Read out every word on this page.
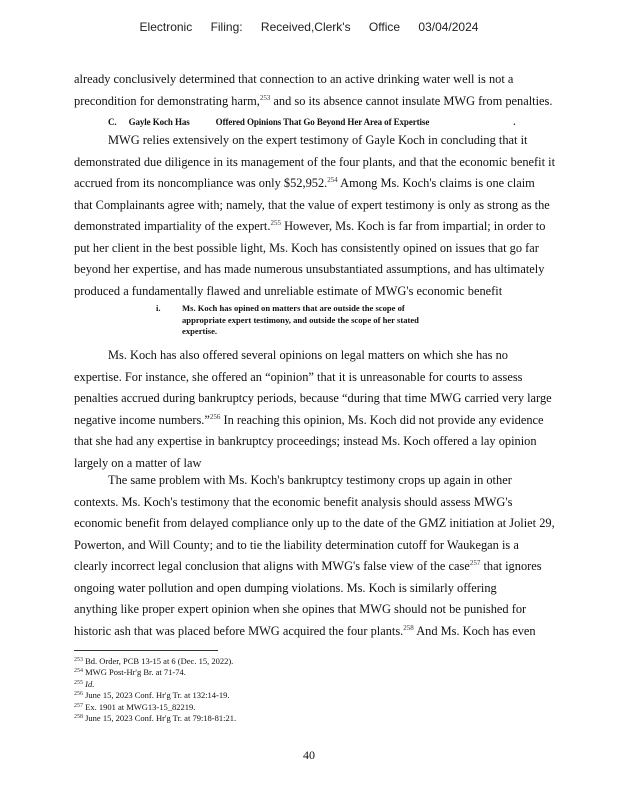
Electronic Filing: Received,Clerk's Office 03/04/2024

already conclusively determined that connection to an active drinking water well is not a

precondition for demonstrating harm,$^{253}$ and so its absence cannot insulate MWG from penalties.

C. Gayle Koch Has	Offered Opinions That Go Beyond Her Area of Expertise	.

MWG relies extensively on the expert testimony of Gayle Koch in concluding that it

demonstrated due diligence in its management of the four plants, and that the economic benefit it

accrued from its noncompliance was only $52,952.$^{254}$ Among Ms. Koch's claims is one claim

that Complainants agree with; namely, that the value of expert testimony is only as strong as the

demonstrated impartiality of the expert.$^{255}$ However, Ms. Koch is far from impartial; in order to

put her client in the best possible light, Ms. Koch has consistently opined on issues that go far

beyond her expertise, and has made numerous unsubstantiated assumptions, and has ultimately

produced a fundamentally flawed and unreliable estimate of MWG's economic benefit

i. Ms. Koch has opined on matters that are outside the scope of
appropriate expert testimony, and outside the scope of her stated
expertise.

Ms. Koch has also offered several opinions on legal matters on which she has no

expertise. For instance, she offered an “opinion” that it is unreasonable for courts to assess

penalties accrued during bankruptcy periods, because “during that time MWG carried very large

negative income numbers.”$^{256}$ In reaching this opinion, Ms. Koch did not provide any evidence

that she had any expertise in bankruptcy proceedings; instead Ms. Koch offered a lay opinion

largely on a matter of law

The same problem with Ms. Koch's bankruptcy testimony crops up again in other

contexts. Ms. Koch's testimony that the economic benefit analysis should assess MWG's

economic benefit from delayed compliance only up to the date of the GMZ initiation at Joliet 29,

Powerton, and Will County; and to tie the liability determination cutoff for Waukegan is a

clearly incorrect legal conclusion that aligns with MWG's false view of the case$^{257}$ that ignores

ongoing water pollution and open dumping violations. Ms. Koch is similarly offering

anything like proper expert opinion when she opines that MWG should not be punished for

historic ash that was placed before MWG acquired the four plants.$^{258}$ And Ms. Koch has even

$^{253}$ Bd. Order, PCB 13-15 at 6 (Dec. 15, 2022).
$^{254}$ MWG Post-Hr'g Br. at 71-74.
$^{255}$ Id.
$^{256}$ June 15, 2023 Conf. Hr'g Tr. at 132:14-19.
$^{257}$ Ex. 1901 at MWG13-15_82219.
$^{258}$ June 15, 2023 Conf. Hr'g Tr. at 79:18-81:21.
40
